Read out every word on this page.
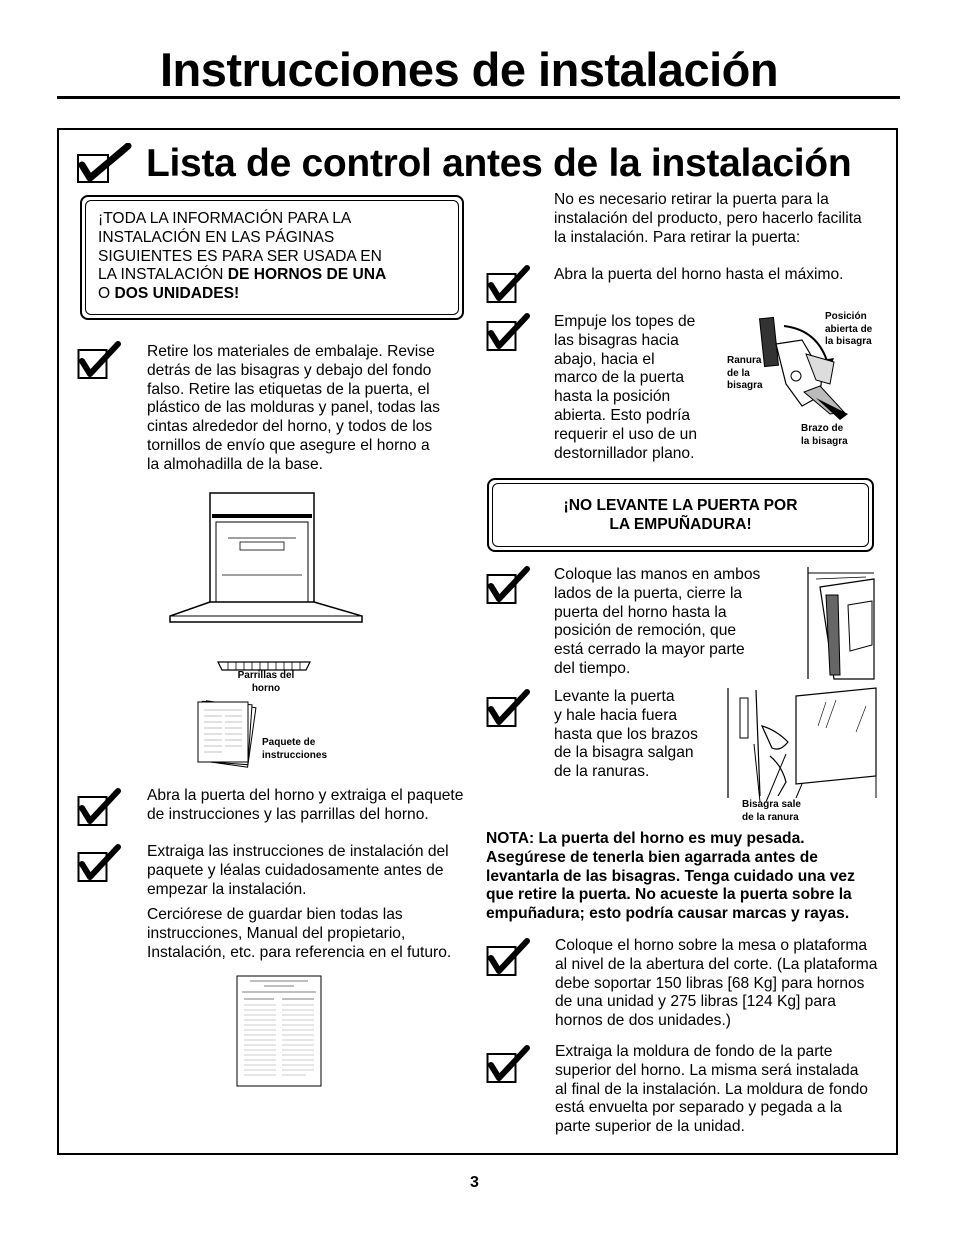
Instrucciones de instalación
Lista de control antes de la instalación
¡TODA LA INFORMACIÓN PARA LA
INSTALACIÓN EN LAS PÁGINAS
SIGUIENTES ES PARA SER USADA EN
LA INSTALACIÓN DE HORNOS DE UNA
O DOS UNIDADES!
Retire los materiales de embalaje. Revise
detrás de las bisagras y debajo del fondo
falso. Retire las etiquetas de la puerta, el
plástico de las molduras y panel, todas las
cintas alrededor del horno, y todos de los
tornillos de envío que asegure el horno a
la almohadilla de la base.
Parrillas del
horno
Paquete de
instrucciones
Abra la puerta del horno y extraiga el paquete
de instrucciones y las parrillas del horno.
Extraiga las instrucciones de instalación del
paquete y léalas cuidadosamente antes de
empezar la instalación.
Cerciórese de guardar bien todas las
instrucciones, Manual del propietario,
Instalación, etc. para referencia en el futuro.
No es necesario retirar la puerta para la
instalación del producto, pero hacerlo facilita
la instalación. Para retirar la puerta:
Abra la puerta del horno hasta el máximo.
Empuje los topes de
las bisagras hacia
abajo, hacia el
marco de la puerta
hasta la posición
abierta. Esto podría
requerir el uso de un
destornillador plano.
Posición
abierta de
la bisagra
Ranura
de la
bisagra
Brazo de
la bisagra
¡NO LEVANTE LA PUERTA POR
LA EMPUÑADURA!
Coloque las manos en ambos
lados de la puerta, cierre la
puerta del horno hasta la
posición de remoción, que
está cerrado la mayor parte
del tiempo.
Levante la puerta
y hale hacia fuera
hasta que los brazos
de la bisagra salgan
de la ranuras.
Bisagra sale
de la ranura
NOTA: La puerta del horno es muy pesada.
Asegúrese de tenerla bien agarrada antes de
levantarla de las bisagras. Tenga cuidado una vez
que retire la puerta. No acueste la puerta sobre la
empuñadura; esto podría causar marcas y rayas.
Coloque el horno sobre la mesa o plataforma
al nivel de la abertura del corte. (La plataforma
debe soportar 150 libras [68 Kg] para hornos
de una unidad y 275 libras [124 Kg] para
hornos de dos unidades.)
Extraiga la moldura de fondo de la parte
superior del horno. La misma será instalada
al final de la instalación. La moldura de fondo
está envuelta por separado y pegada a la
parte superior de la unidad.
3
